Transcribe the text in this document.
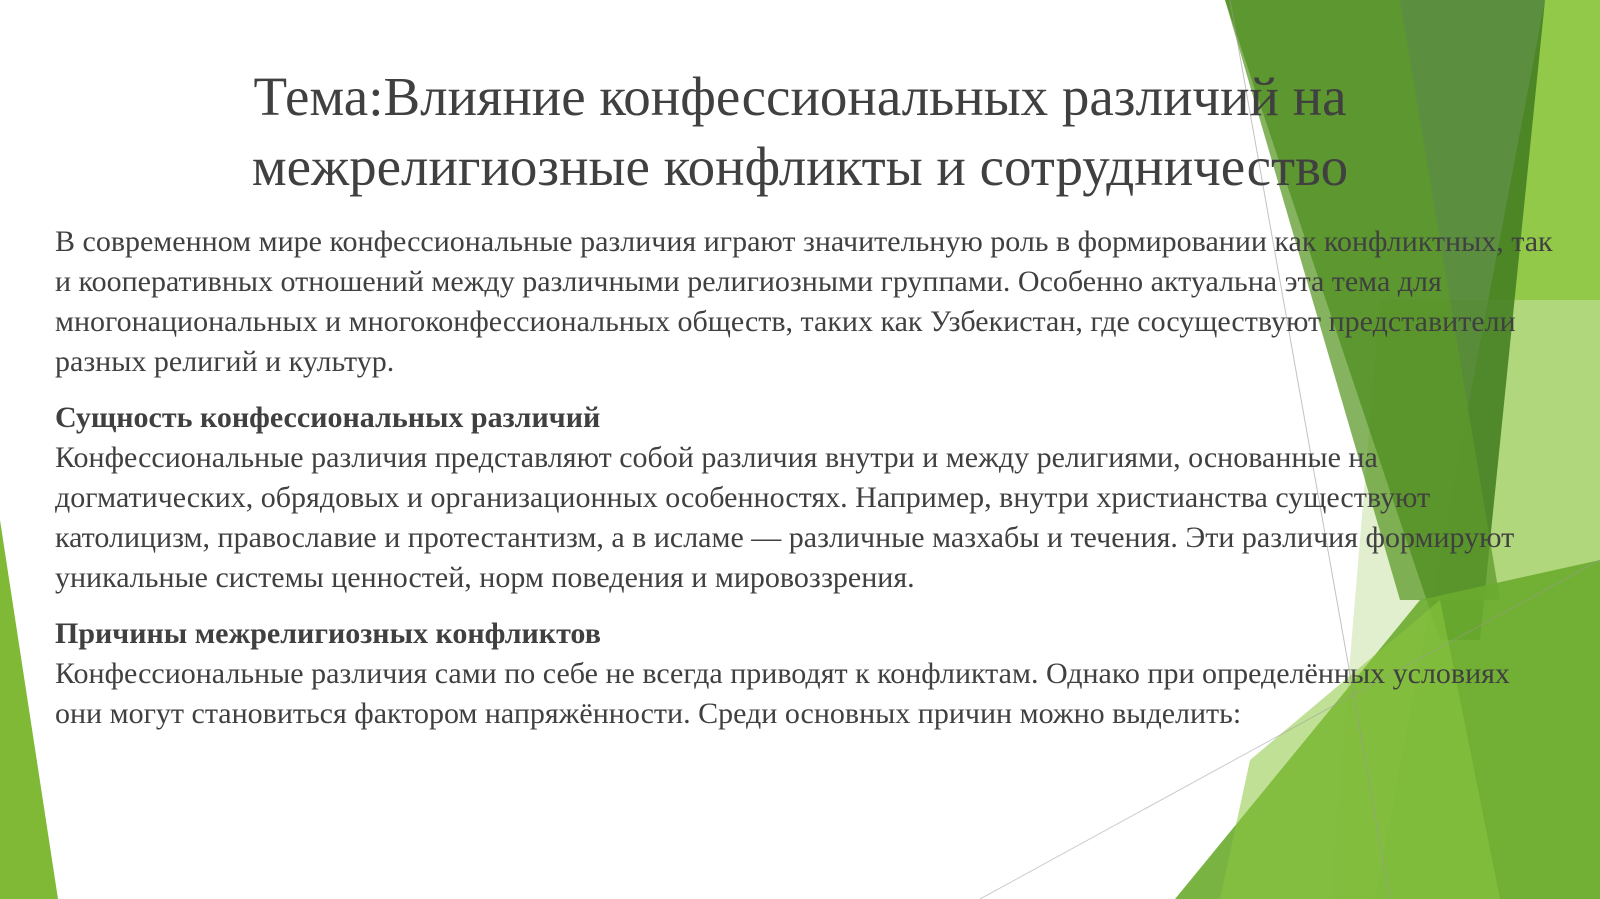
Тема:Влияние конфессиональных различий на межрелигиозные конфликты и сотрудничество

В современном мире конфессиональные различия играют значительную роль в формировании как конфликтных, так и кооперативных отношений между различными религиозными группами. Особенно актуальна эта тема для многонациональных и многоконфессиональных обществ, таких как Узбекистан, где сосуществуют представители разных религий и культур.

Сущность конфессиональных различий
Конфессиональные различия представляют собой различия внутри и между религиями, основанные на догматических, обрядовых и организационных особенностях. Например, внутри христианства существуют католицизм, православие и протестантизм, а в исламе — различные мазхабы и течения. Эти различия формируют уникальные системы ценностей, норм поведения и мировоззрения.
Причины межрелигиозных конфликтов
Конфессиональные различия сами по себе не всегда приводят к конфликтам. Однако при определённых условиях они могут становиться фактором напряжённости. Среди основных причин можно выделить:
